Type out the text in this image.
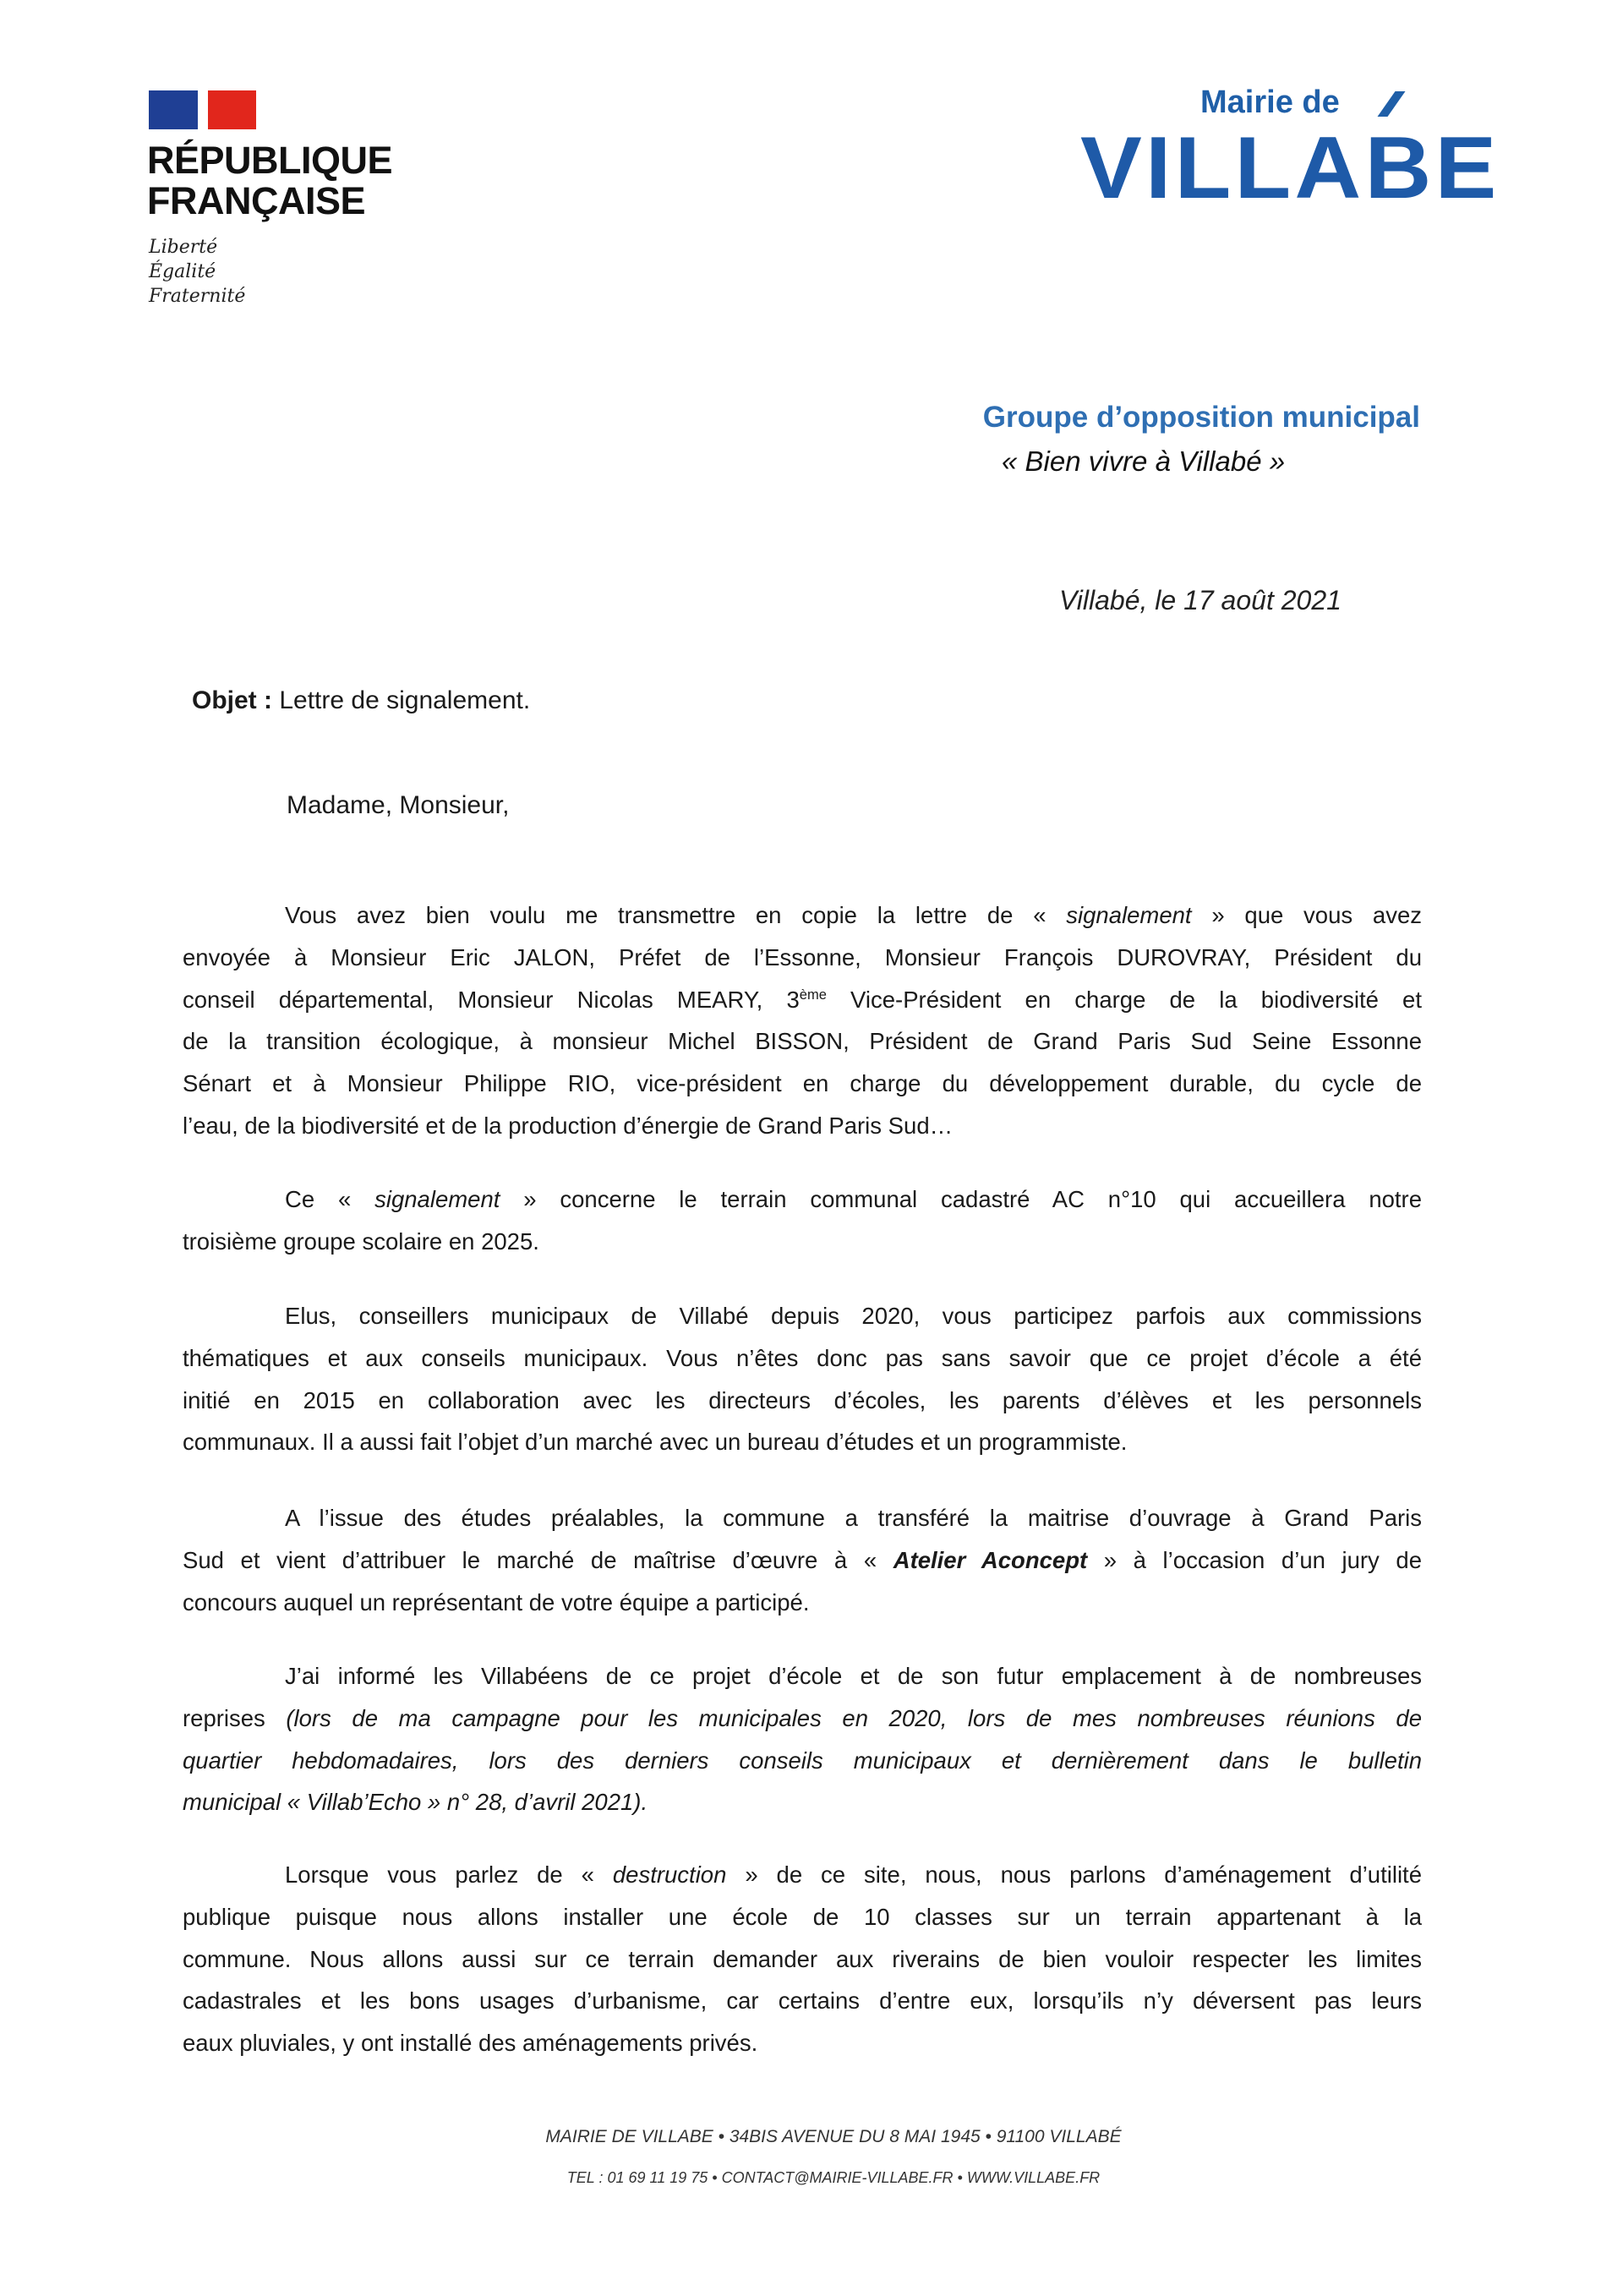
RÉPUBLIQUE
FRANÇAISE
Liberté
Égalité
Fraternité
Mairie de
VILLABE
Groupe d’opposition municipal
« Bien vivre à Villabé »
Villabé, le 17 août 2021
Objet : Lettre de signalement.
Madame, Monsieur,
Vous avez bien voulu me transmettre en copie la lettre de « signalement » que vous avez
envoyée à Monsieur Eric JALON, Préfet de l’Essonne, Monsieur François DUROVRAY, Président du
conseil départemental, Monsieur Nicolas MEARY, 3ème Vice-Président en charge de la biodiversité et
de la transition écologique, à monsieur Michel BISSON, Président de Grand Paris Sud Seine Essonne
Sénart et à Monsieur Philippe RIO, vice-président en charge du développement durable, du cycle de
l’eau, de la biodiversité et de la production d’énergie de Grand Paris Sud…
Ce « signalement » concerne le terrain communal cadastré AC n°10 qui accueillera notre
troisième groupe scolaire en 2025.
Elus, conseillers municipaux de Villabé depuis 2020, vous participez parfois aux commissions
thématiques et aux conseils municipaux. Vous n’êtes donc pas sans savoir que ce projet d’école a été
initié en 2015 en collaboration avec les directeurs d’écoles, les parents d’élèves et les personnels
communaux. Il a aussi fait l’objet d’un marché avec un bureau d’études et un programmiste.
A l’issue des études préalables, la commune a transféré la maitrise d’ouvrage à Grand Paris
Sud et vient d’attribuer le marché de maîtrise d’œuvre à « Atelier Aconcept » à l’occasion d’un jury de
concours auquel un représentant de votre équipe a participé.
J’ai informé les Villabéens de ce projet d’école et de son futur emplacement à de nombreuses
reprises (lors de ma campagne pour les municipales en 2020, lors de mes nombreuses réunions de
quartier hebdomadaires, lors des derniers conseils municipaux et dernièrement dans le bulletin
municipal « Villab’Echo » n° 28, d’avril 2021).
Lorsque vous parlez de « destruction » de ce site, nous, nous parlons d’aménagement d’utilité
publique puisque nous allons installer une école de 10 classes sur un terrain appartenant à la
commune. Nous allons aussi sur ce terrain demander aux riverains de bien vouloir respecter les limites
cadastrales et les bons usages d’urbanisme, car certains d’entre eux, lorsqu’ils n’y déversent pas leurs
eaux pluviales, y ont installé des aménagements privés.
MAIRIE DE VILLABE • 34BIS AVENUE DU 8 MAI 1945 • 91100 VILLABÉ
TEL : 01 69 11 19 75 • CONTACT@MAIRIE-VILLABE.FR • WWW.VILLABE.FR
